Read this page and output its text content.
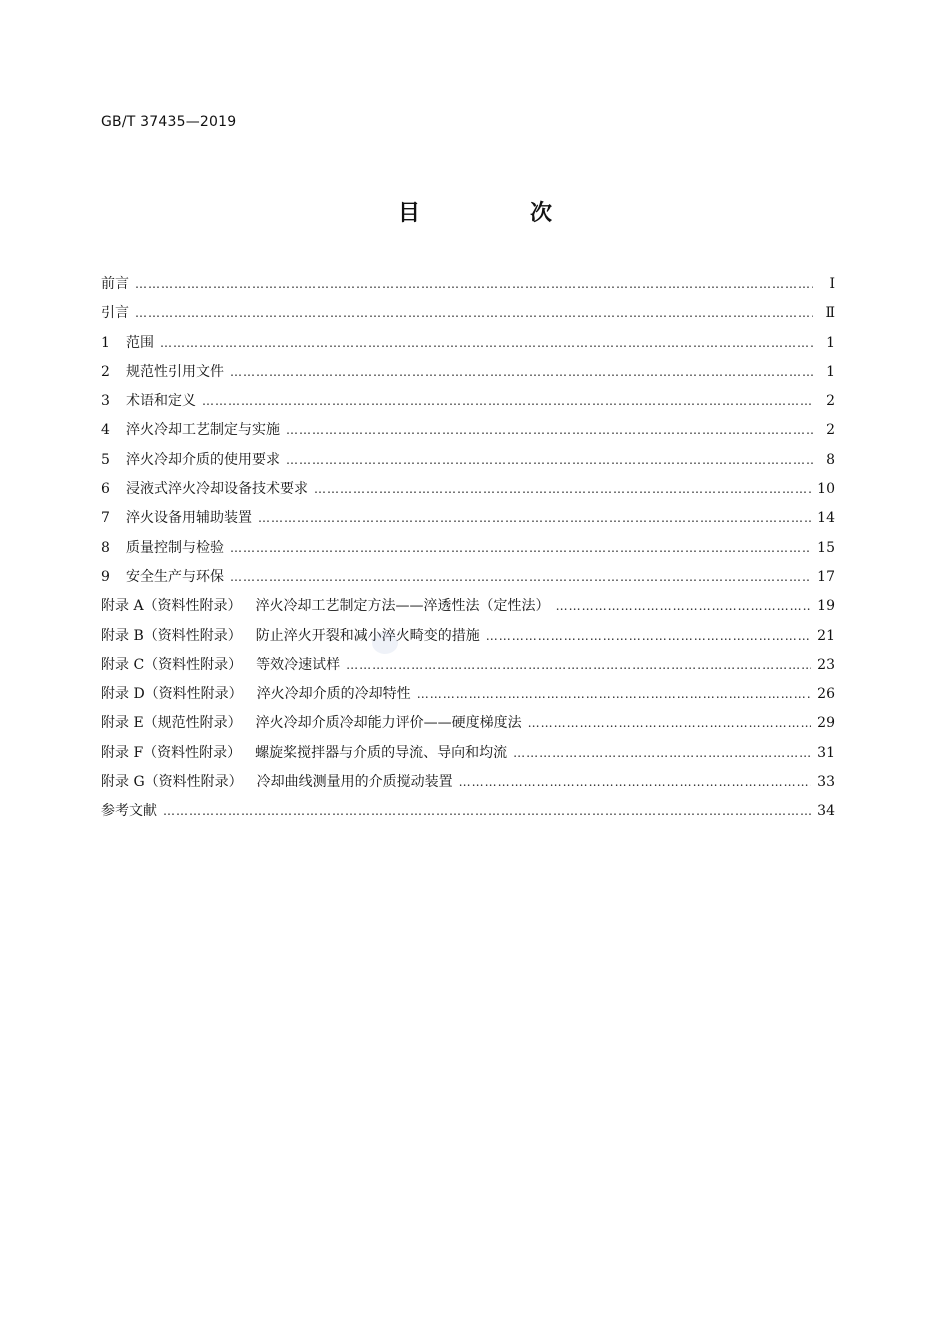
GB/T 37435—2019
目　次
前言 ……………………………………………………………………………………………………………………………………………………………………………………………………	Ⅰ
引言 ……………………………………………………………………………………………………………………………………………………………………………………………………	Ⅱ
1	范围 ……………………………………………………………………………………………………………………………………………………………………………………………………	1
2	规范性引用文件 ……………………………………………………………………………………………………………………………………………………………………………………………………	1
3	术语和定义 ……………………………………………………………………………………………………………………………………………………………………………………………………	2
4	淬火冷却工艺制定与实施 ……………………………………………………………………………………………………………………………………………………………………………………………………	2
5	淬火冷却介质的使用要求 ……………………………………………………………………………………………………………………………………………………………………………………………………	8
6	浸液式淬火冷却设备技术要求 ……………………………………………………………………………………………………………………………………………………………………………………………………	10
7	淬火设备用辅助装置 ……………………………………………………………………………………………………………………………………………………………………………………………………	14
8	质量控制与检验 ……………………………………………………………………………………………………………………………………………………………………………………………………	15
9	安全生产与环保 ……………………………………………………………………………………………………………………………………………………………………………………………………	17
附录 A（资料性附录） 淬火冷却工艺制定方法——淬透性法（定性法） ……………………………………………………………………………………………………………………………………………………………………………………………………	19
附录 B（资料性附录） 防止淬火开裂和减小淬火畸变的措施 ……………………………………………………………………………………………………………………………………………………………………………………………………	21
附录 C（资料性附录） 等效冷速试样 ……………………………………………………………………………………………………………………………………………………………………………………………………	23
附录 D（资料性附录） 淬火冷却介质的冷却特性 ……………………………………………………………………………………………………………………………………………………………………………………………………	26
附录 E（规范性附录） 淬火冷却介质冷却能力评价——硬度梯度法 ……………………………………………………………………………………………………………………………………………………………………………………………………	29
附录 F（资料性附录） 螺旋桨搅拌器与介质的导流、导向和均流 ……………………………………………………………………………………………………………………………………………………………………………………………………	31
附录 G（资料性附录） 冷却曲线测量用的介质搅动装置 ……………………………………………………………………………………………………………………………………………………………………………………………………	33
参考文献 ……………………………………………………………………………………………………………………………………………………………………………………………………	34
